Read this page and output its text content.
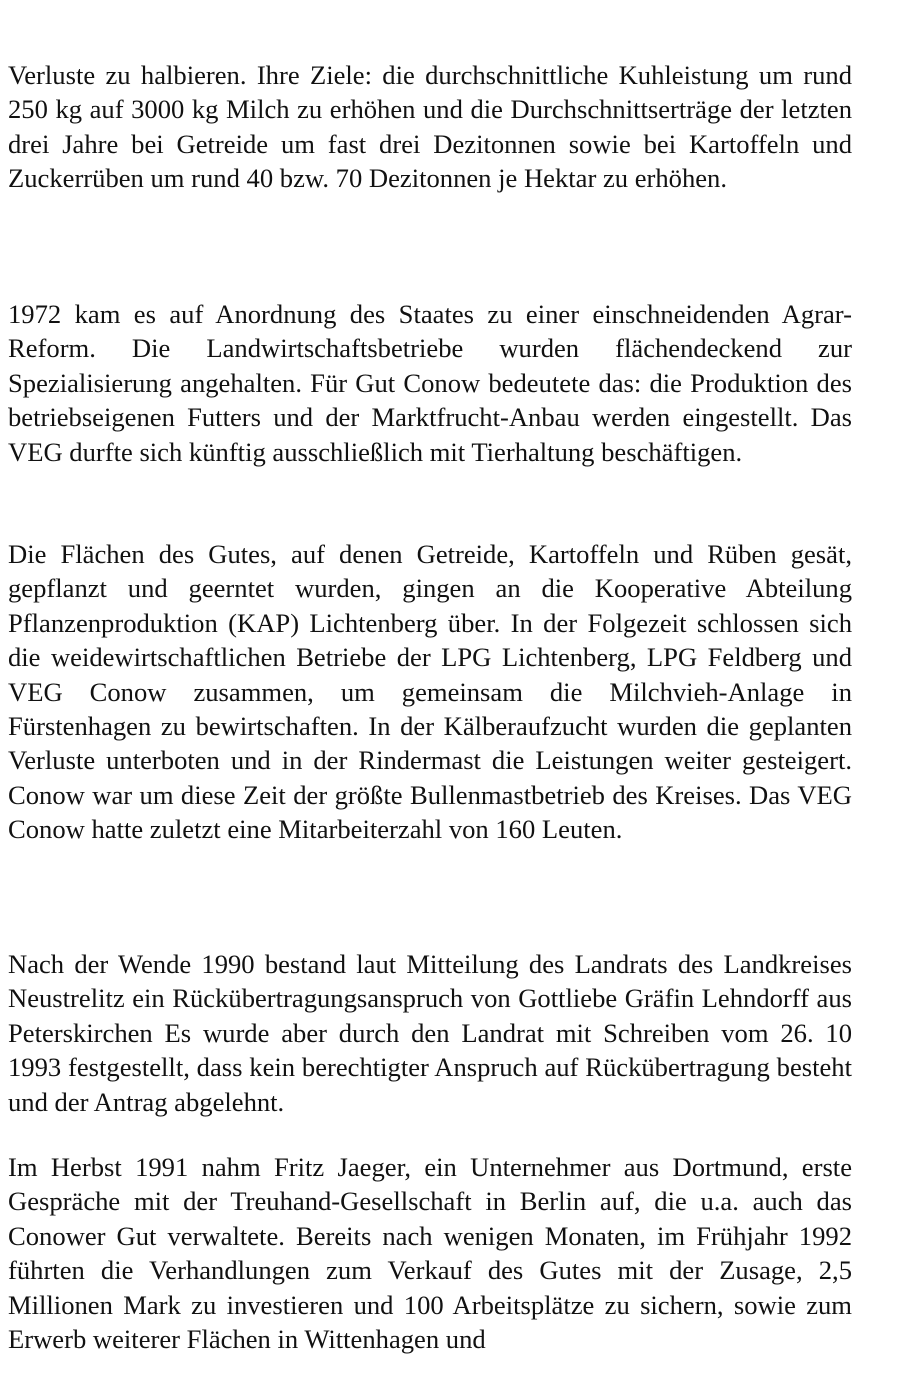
Verluste zu halbieren. Ihre Ziele: die durchschnittliche Kuhleistung um rund 250 kg auf 3000 kg Milch zu erhöhen und die Durchschnittserträge der letzten drei Jahre bei Getreide um fast drei Dezitonnen sowie bei Kartoffeln und Zuckerrüben um rund 40 bzw. 70 Dezitonnen je Hektar zu erhöhen.

1972 kam es auf Anordnung des Staates zu einer einschneidenden Agrar-Reform. Die Landwirtschaftsbetriebe wurden flächendeckend zur Spezialisierung angehalten. Für Gut Conow bedeutete das: die Produktion des betriebseigenen Futters und der Marktfrucht-Anbau werden eingestellt. Das VEG durfte sich künftig ausschließlich mit Tierhaltung beschäftigen.

Die Flächen des Gutes, auf denen Getreide, Kartoffeln und Rüben gesät, gepflanzt und geerntet wurden, gingen an die Kooperative Abteilung Pflanzenproduktion (KAP) Lichtenberg über. In der Folgezeit schlossen sich die weidewirtschaftlichen Betriebe der LPG Lichtenberg, LPG Feldberg und VEG Conow zusammen, um gemeinsam die Milchvieh-Anlage in Fürstenhagen zu bewirtschaften. In der Kälberaufzucht wurden die geplanten Verluste unterboten und in der Rindermast die Leistungen weiter gesteigert. Conow war um diese Zeit der größte Bullenmastbetrieb des Kreises. Das VEG Conow hatte zuletzt eine Mitarbeiterzahl von 160 Leuten.

Nach der Wende 1990 bestand laut Mitteilung des Landrats des Landkreises Neustrelitz ein Rückübertragungsanspruch von Gottliebe Gräfin Lehndorff aus Peterskirchen Es wurde aber durch den Landrat mit Schreiben vom 26. 10 1993 festgestellt, dass kein berechtigter Anspruch auf Rückübertragung besteht und der Antrag abgelehnt.

Im Herbst 1991 nahm Fritz Jaeger, ein Unternehmer aus Dortmund, erste Gespräche mit der Treuhand-Gesellschaft in Berlin auf, die u.a. auch das Conower Gut verwaltete. Bereits nach wenigen Monaten, im Frühjahr 1992 führten die Verhandlungen zum Verkauf des Gutes mit der Zusage, 2,5 Millionen Mark zu investieren und 100 Arbeitsplätze zu sichern, sowie zum Erwerb weiterer Flächen in Wittenhagen und
